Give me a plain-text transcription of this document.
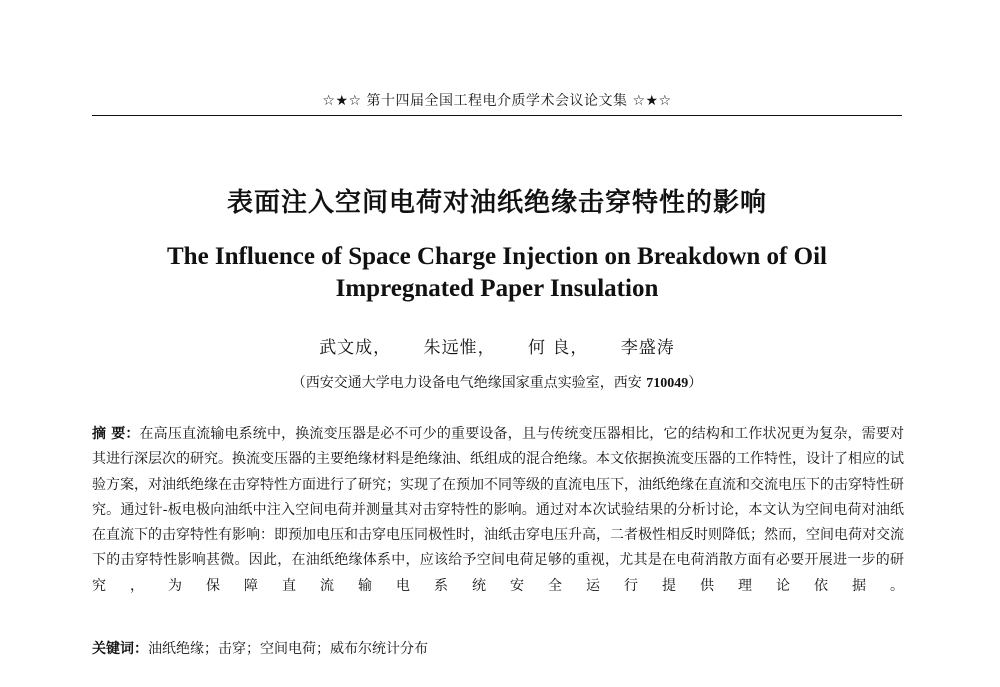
☆★☆ 第十四届全国工程电介质学术会议论文集 ☆★☆
表面注入空间电荷对油纸绝缘击穿特性的影响
The Influence of Space Charge Injection on Breakdown of Oil
Impregnated Paper Insulation
武文成， 朱远惟， 何 良， 李盛涛
（西安交通大学电力设备电气绝缘国家重点实验室，西安 710049）
摘 要：在高压直流输电系统中，换流变压器是必不可少的重要设备，且与传统变压器相比，它的结构和工作状况更为复杂，需要对其进行深层次的研究。换流变压器的主要绝缘材料是绝缘油、纸组成的混合绝缘。本文依据换流变压器的工作特性，设计了相应的试验方案，对油纸绝缘在击穿特性方面进行了研究；实现了在预加不同等级的直流电压下，油纸绝缘在直流和交流电压下的击穿特性研究。通过针-板电极向油纸中注入空间电荷并测量其对击穿特性的影响。通过对本次试验结果的分析讨论，本文认为空间电荷对油纸在直流下的击穿特性有影响：即预加电压和击穿电压同极性时，油纸击穿电压升高，二者极性相反时则降低；然而，空间电荷对交流下的击穿特性影响甚微。因此，在油纸绝缘体系中，应该给予空间电荷足够的重视，尤其是在电荷消散方面有必要开展进一步的研究，为保障直流输电系统安全运行提供理论依据。
关键词：油纸绝缘；击穿；空间电荷；威布尔统计分布
